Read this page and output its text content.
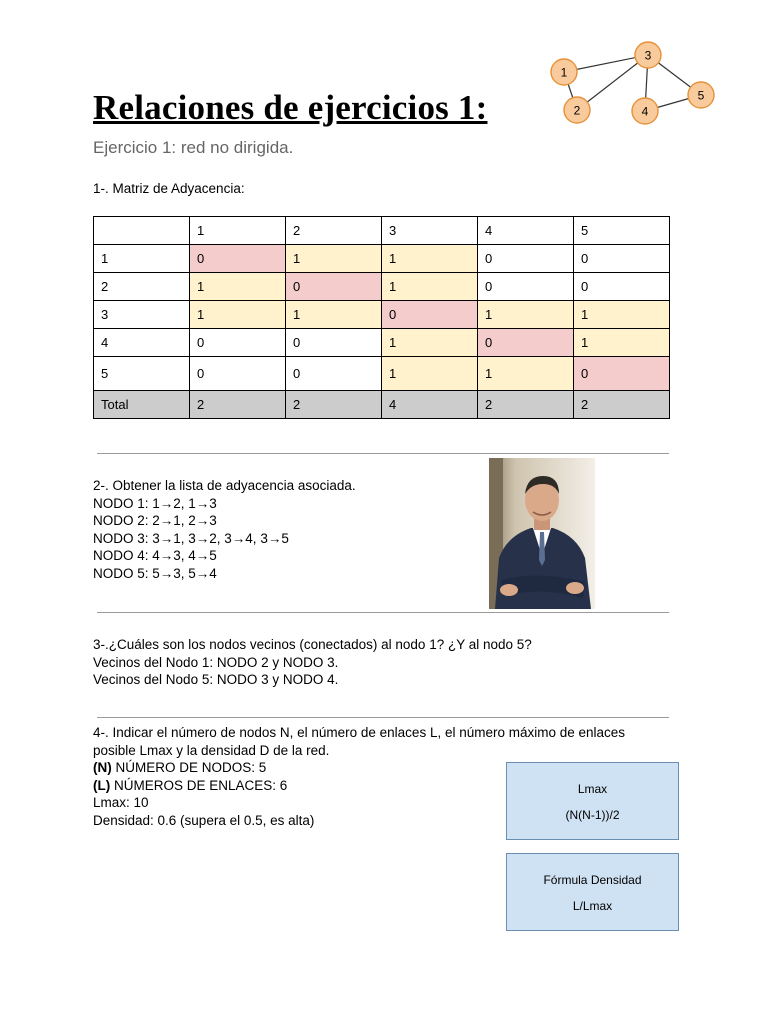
Relaciones de ejercicios 1:
Ejercicio 1: red no dirigida.
1
2
3
4
5
1-. Matriz de Adyacencia:
	1	2	3	4	5
1	0	1	1	0	0
2	1	0	1	0	0
3	1	1	0	1	1
4	0	0	1	0	1
5	0	0	1	1	0
Total	2	2	4	2	2
2-. Obtener la lista de adyacencia asociada.
NODO 1: 1→2, 1→3
NODO 2: 2→1, 2→3
NODO 3: 3→1, 3→2, 3→4, 3→5
NODO 4: 4→3, 4→5
NODO 5: 5→3, 5→4
3-.¿Cuáles son los nodos vecinos (conectados) al nodo 1? ¿Y al nodo 5?
Vecinos del Nodo 1: NODO 2 y NODO 3.
Vecinos del Nodo 5: NODO 3 y NODO 4.
4-. Indicar el número de nodos N, el número de enlaces L, el número máximo de enlaces
posible Lmax y la densidad D de la red.
(N) NÚMERO DE NODOS: 5
(L) NÚMEROS DE ENLACES: 6
Lmax: 10
Densidad: 0.6 (supera el 0.5, es alta)
Lmax
(N(N-1))/2
Fórmula Densidad
L/Lmax
